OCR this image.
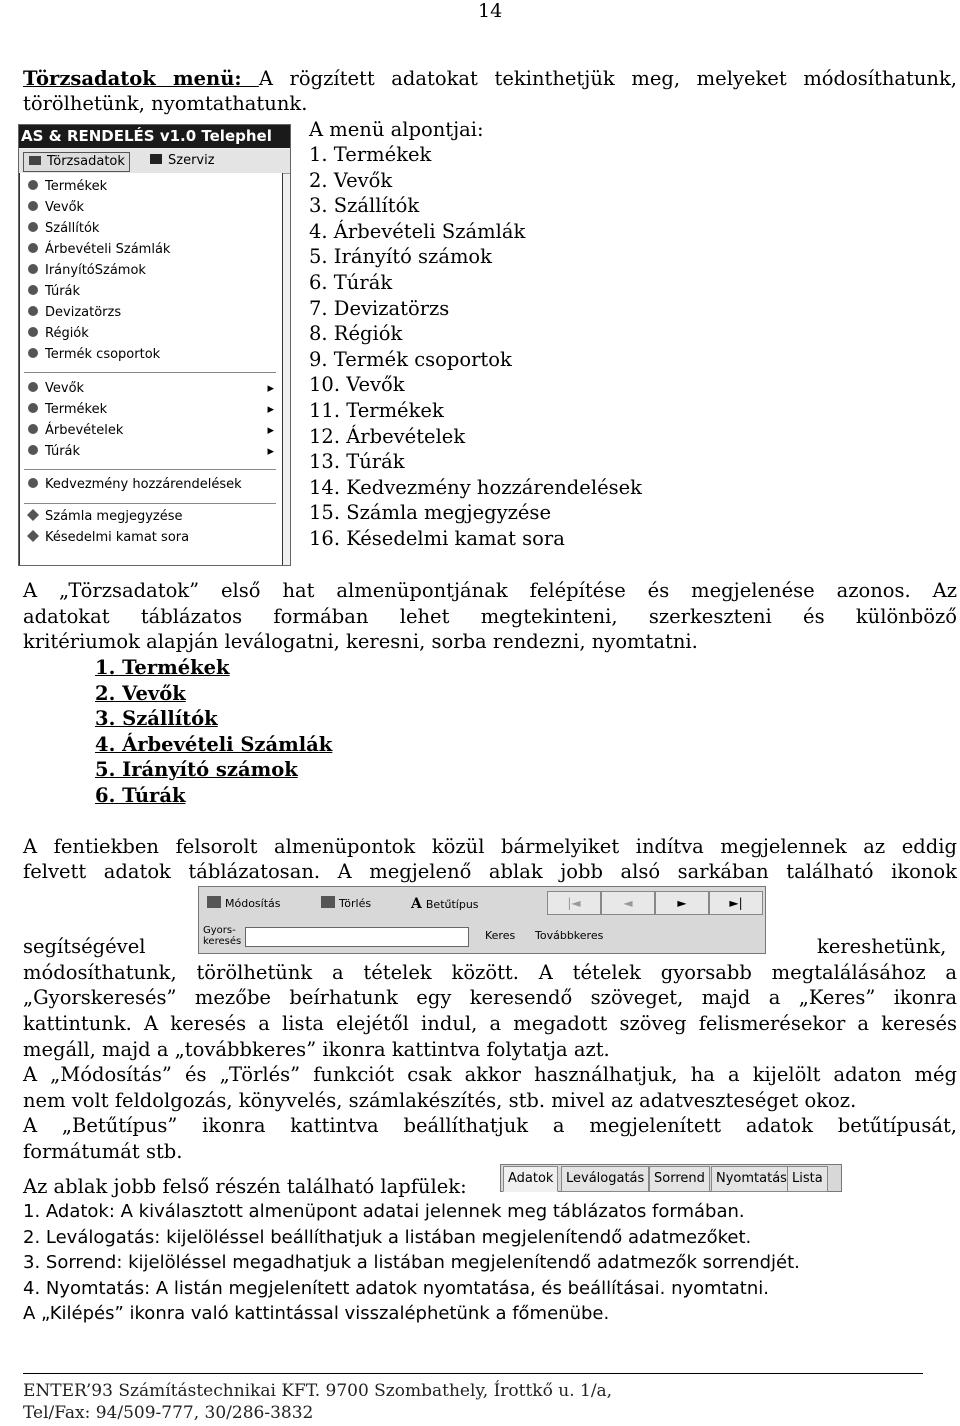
14
Törzsadatok menü: A rögzített adatokat tekinthetjük meg, melyeket módosíthatunk,
törölhetünk, nyomtathatunk.
AS & RENDELÉS v1.0 Telephel
Törzsadatok	Szerviz
Termékek
Vevők
Szállítók
Árbevételi Számlák
IrányítóSzámok
Túrák
Devizatörzs
Régiók
Termék csoportok
Vevők	▸
Termékek	▸
Árbevételek	▸
Túrák	▸
Kedvezmény hozzárendelések
Számla megjegyzése
Késedelmi kamat sora
A menü alpontjai:
1. Termékek
2. Vevők
3. Szállítók
4. Árbevételi Számlák
5. Irányító számok
6. Túrák
7. Devizatörzs
8. Régiók
9. Termék csoportok
10. Vevők
11. Termékek
12. Árbevételek
13. Túrák
14. Kedvezmény hozzárendelések
15. Számla megjegyzése
16. Késedelmi kamat sora
A „Törzsadatok” első hat almenüpontjának felépítése és megjelenése azonos. Az
adatokat táblázatos formában lehet megtekinteni, szerkeszteni és különböző
kritériumok alapján leválogatni, keresni, sorba rendezni, nyomtatni.
1. Termékek
2. Vevők
3. Szállítók
4. Árbevételi Számlák
5. Irányító számok
6. Túrák
A fentiekben felsorolt almenüpontok közül bármelyiket indítva megjelennek az eddig
felvett adatok táblázatosan. A megjelenő ablak jobb alsó sarkában található ikonok
segítségével	kereshetünk,
Módosítás	Törlés	A Betűtípus	|◄	◄	►	►|
Gyors- keresés	Keres Továbbkeres
módosíthatunk, törölhetünk a tételek között. A tételek gyorsabb megtalálásához a
„Gyorskeresés” mezőbe beírhatunk egy keresendő szöveget, majd a „Keres” ikonra
kattintunk. A keresés a lista elejétől indul, a megadott szöveg felismerésekor a keresés
megáll, majd a „továbbkeres” ikonra kattintva folytatja azt.
A „Módosítás” és „Törlés” funkciót csak akkor használhatjuk, ha a kijelölt adaton még
nem volt feldolgozás, könyvelés, számlakészítés, stb. mivel az adatveszteséget okoz.
A „Betűtípus” ikonra kattintva beállíthatjuk a megjelenített adatok betűtípusát,
formátumát stb.
Az ablak jobb felső részén található lapfülek:	Adatok Leválogatás Sorrend Nyomtatás Lista
1. Adatok: A kiválasztott almenüpont adatai jelennek meg táblázatos formában.
2. Leválogatás: kijelöléssel beállíthatjuk a listában megjelenítendő adatmezőket.
3. Sorrend: kijelöléssel megadhatjuk a listában megjelenítendő adatmezők sorrendjét.
4. Nyomtatás: A listán megjelenített adatok nyomtatása, és beállításai. nyomtatni.
A „Kilépés” ikonra való kattintással visszaléphetünk a főmenübe.
ENTER’93 Számítástechnikai KFT. 9700 Szombathely, Írottkő u. 1/a,
Tel/Fax: 94/509-777, 30/286-3832
